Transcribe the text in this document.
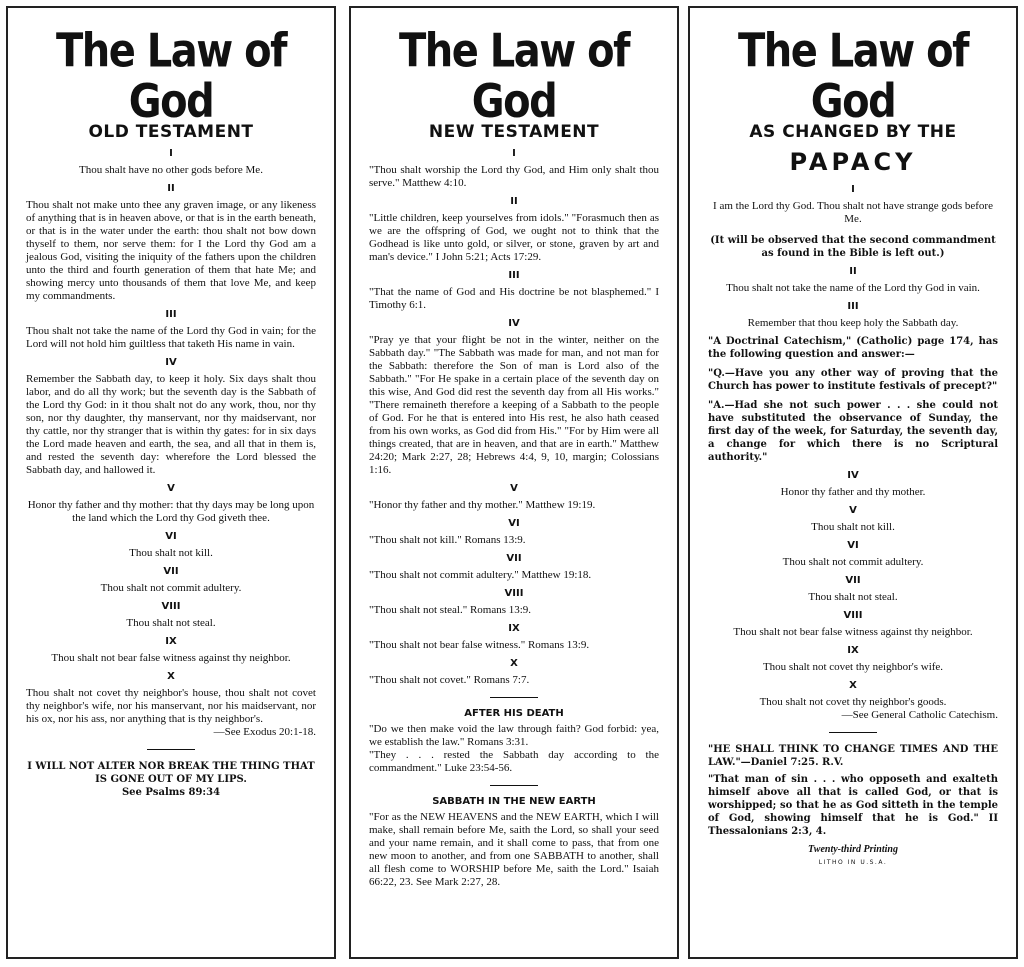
The Law of God
OLD TESTAMENT
I

Thou shalt have no other gods before Me.

II

Thou shalt not make unto thee any graven image, or any likeness of anything that is in heaven above, or that is in the earth beneath, or that is in the water under the earth: thou shalt not bow down thyself to them, nor serve them: for I the Lord thy God am a jealous God, visiting the iniquity of the fathers upon the children unto the third and fourth generation of them that hate Me; and showing mercy unto thousands of them that love Me, and keep my commandments.

III

Thou shalt not take the name of the Lord thy God in vain; for the Lord will not hold him guiltless that taketh His name in vain.

IV

Remember the Sabbath day, to keep it holy. Six days shalt thou labor, and do all thy work; but the seventh day is the Sabbath of the Lord thy God: in it thou shalt not do any work, thou, nor thy son, nor thy daughter, thy manservant, nor thy maidservant, nor thy cattle, nor thy stranger that is within thy gates: for in six days the Lord made heaven and earth, the sea, and all that in them is, and rested the seventh day: wherefore the Lord blessed the Sabbath day, and hallowed it.

V

Honor thy father and thy mother: that thy days may be long upon the land which the Lord thy God giveth thee.

VI

Thou shalt not kill.

VII

Thou shalt not commit adultery.

VIII

Thou shalt not steal.

IX

Thou shalt not bear false witness against thy neighbor.

X

Thou shalt not covet thy neighbor's house, thou shalt not covet thy neighbor's wife, nor his manservant, nor his maidservant, nor his ox, nor his ass, nor anything that is thy neighbor's.

—See Exodus 20:1-18.

I WILL NOT ALTER NOR BREAK THE THING THAT IS GONE OUT OF MY LIPS.

See Psalms 89:34

The Law of God
NEW TESTAMENT
I

"Thou shalt worship the Lord thy God, and Him only shalt thou serve." Matthew 4:10.

II

"Little children, keep yourselves from idols." "Forasmuch then as we are the offspring of God, we ought not to think that the Godhead is like unto gold, or silver, or stone, graven by art and man's device." I John 5:21; Acts 17:29.

III

"That the name of God and His doctrine be not blasphemed." I Timothy 6:1.

IV

"Pray ye that your flight be not in the winter, neither on the Sabbath day." "The Sabbath was made for man, and not man for the Sabbath: therefore the Son of man is Lord also of the Sabbath." "For He spake in a certain place of the seventh day on this wise, And God did rest the seventh day from all His works." "There remaineth therefore a keeping of a Sabbath to the people of God. For he that is entered into His rest, he also hath ceased from his own works, as God did from His." "For by Him were all things created, that are in heaven, and that are in earth." Matthew 24:20; Mark 2:27, 28; Hebrews 4:4, 9, 10, margin; Colossians 1:16.

V

"Honor thy father and thy mother." Matthew 19:19.

VI

"Thou shalt not kill." Romans 13:9.

VII

"Thou shalt not commit adultery." Matthew 19:18.

VIII

"Thou shalt not steal." Romans 13:9.

IX

"Thou shalt not bear false witness." Romans 13:9.

X

"Thou shalt not covet." Romans 7:7.

AFTER HIS DEATH

"Do we then make void the law through faith? God forbid: yea, we establish the law." Romans 3:31.

"They . . . rested the Sabbath day according to the commandment." Luke 23:54-56.

SABBATH IN THE NEW EARTH

"For as the NEW HEAVENS and the NEW EARTH, which I will make, shall remain before Me, saith the Lord, so shall your seed and your name remain, and it shall come to pass, that from one new moon to another, and from one SABBATH to another, shall all flesh come to WORSHIP before Me, saith the Lord." Isaiah 66:22, 23. See Mark 2:27, 28.

The Law of God
AS CHANGED BY THE
PAPACY
I

I am the Lord thy God. Thou shalt not have strange gods before Me.

(It will be observed that the second commandment as found in the Bible is left out.)

II

Thou shalt not take the name of the Lord thy God in vain.

III

Remember that thou keep holy the Sabbath day.

"A Doctrinal Catechism," (Catholic) page 174, has the following question and answer:—

"Q.—Have you any other way of proving that the Church has power to institute festivals of precept?"

"A.—Had she not such power . . . she could not have substituted the observance of Sunday, the first day of the week, for Saturday, the seventh day, a change for which there is no Scriptural authority."

IV

Honor thy father and thy mother.

V

Thou shalt not kill.

VI

Thou shalt not commit adultery.

VII

Thou shalt not steal.

VIII

Thou shalt not bear false witness against thy neighbor.

IX

Thou shalt not covet thy neighbor's wife.

X

Thou shalt not covet thy neighbor's goods.

—See General Catholic Catechism.

"HE SHALL THINK TO CHANGE TIMES AND THE LAW."—Daniel 7:25. R.V.

"That man of sin . . . who opposeth and exalteth himself above all that is called God, or that is worshipped; so that he as God sitteth in the temple of God, showing himself that he is God." II Thessalonians 2:3, 4.

Twenty-third Printing

LITHO IN U.S.A.
